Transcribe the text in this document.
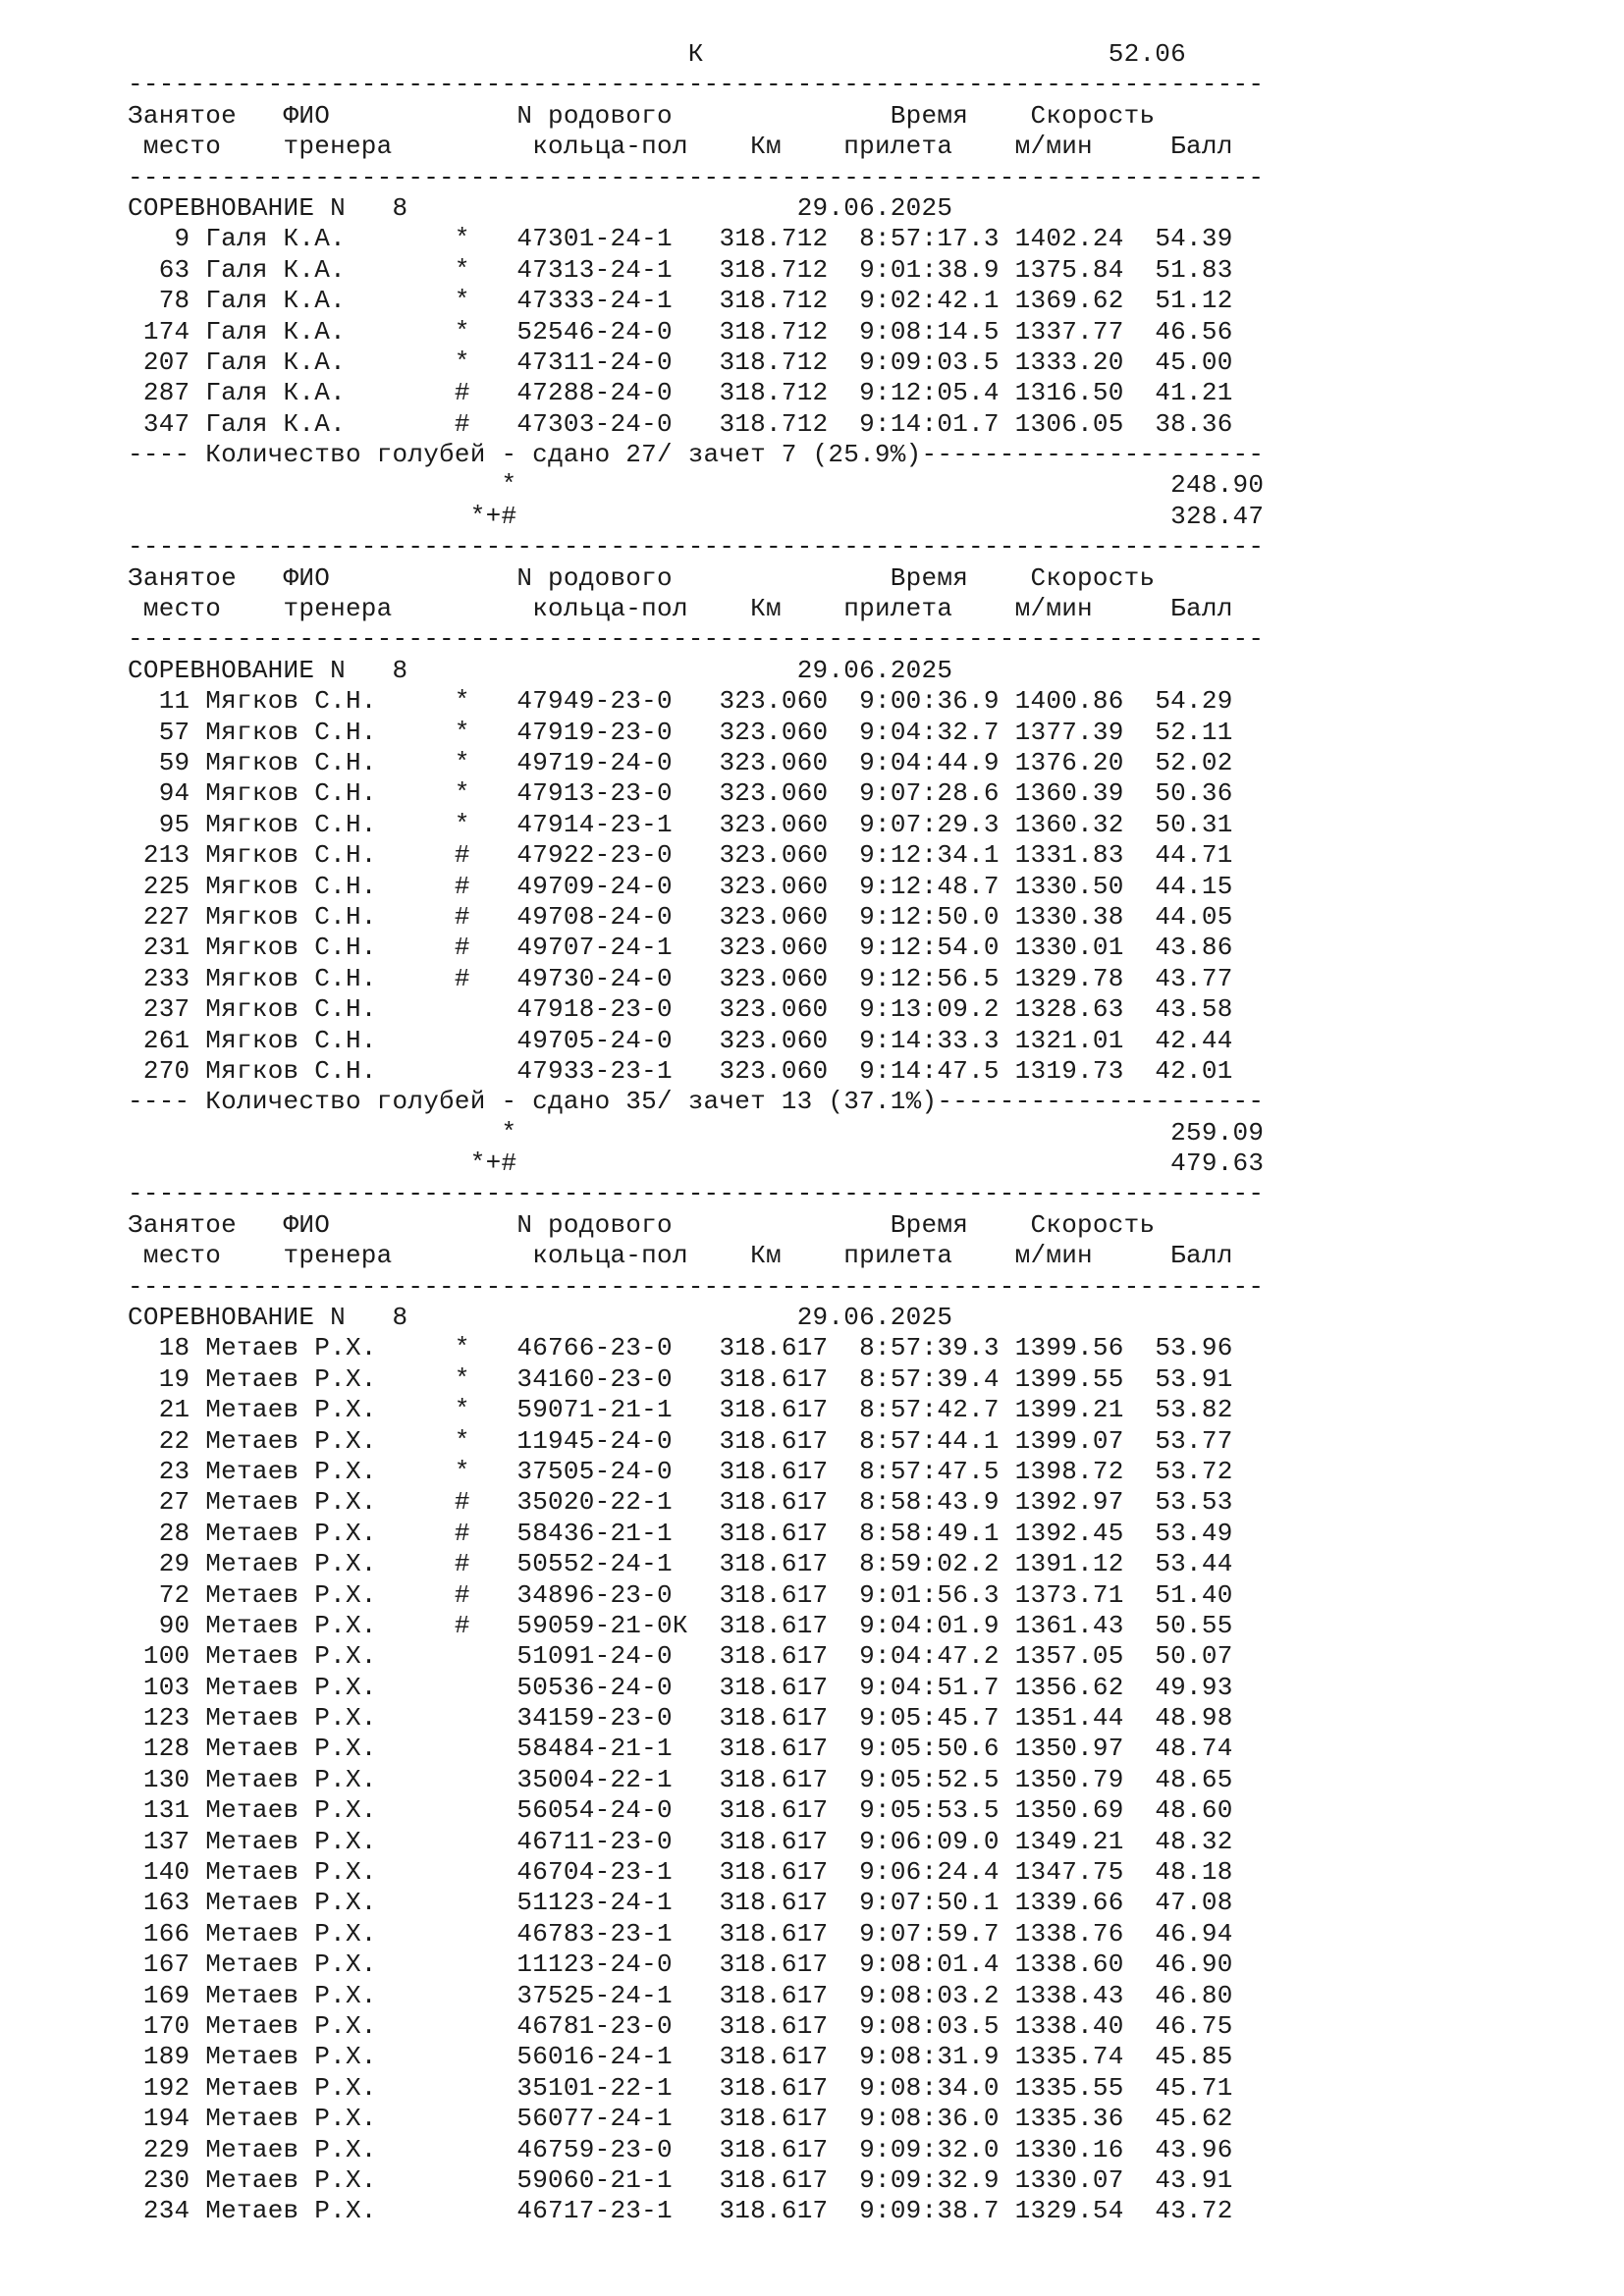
К	52.06
-------------------------------------------------------------------------
Занятое ФИО            N родового              Время    Скорость
место тренера         кольца-пол    Км    прилета    м/мин	Балл
-------------------------------------------------------------------------
СОРЕВНОВАНИЕ N 8	29.06.2025
9 Галя К.А.       *   47301-24-1   318.712  8:57:17.3 1402.24  54.39
63 Галя К.А.       *   47313-24-1   318.712  9:01:38.9 1375.84  51.83
78 Галя К.А.       *   47333-24-1   318.712  9:02:42.1 1369.62  51.12
174 Галя К.А.       *   52546-24-0   318.712  9:08:14.5 1337.77  46.56
207 Галя К.А.       *   47311-24-0   318.712  9:09:03.5 1333.20  45.00
287 Галя К.А.       #   47288-24-0   318.712  9:12:05.4 1316.50  41.21
347 Галя К.А.       #   47303-24-0   318.712  9:14:01.7 1306.05  38.36
---- Количество голубей - сдано 27/ зачет 7 (25.9%)----------------------
*	248.90
*+#	328.47
-------------------------------------------------------------------------
Занятое ФИО            N родового              Время    Скорость
место тренера         кольца-пол    Км    прилета    м/мин	Балл
-------------------------------------------------------------------------
СОРЕВНОВАНИЕ N 8	29.06.2025
11 Мягков С.Н.     *   47949-23-0   323.060  9:00:36.9 1400.86  54.29
57 Мягков С.Н.     *   47919-23-0   323.060  9:04:32.7 1377.39  52.11
59 Мягков С.Н.     *   49719-24-0   323.060  9:04:44.9 1376.20  52.02
94 Мягков С.Н.     *   47913-23-0   323.060  9:07:28.6 1360.39  50.36
95 Мягков С.Н.     *   47914-23-1   323.060  9:07:29.3 1360.32  50.31
213 Мягков С.Н.     #   47922-23-0   323.060  9:12:34.1 1331.83  44.71
225 Мягков С.Н.     #   49709-24-0   323.060  9:12:48.7 1330.50  44.15
227 Мягков С.Н.     #   49708-24-0   323.060  9:12:50.0 1330.38  44.05
231 Мягков С.Н.     #   49707-24-1   323.060  9:12:54.0 1330.01  43.86
233 Мягков С.Н.     #   49730-24-0   323.060  9:12:56.5 1329.78  43.77
237 Мягков С.Н.         47918-23-0   323.060  9:13:09.2 1328.63  43.58
261 Мягков С.Н.         49705-24-0   323.060  9:14:33.3 1321.01  42.44
270 Мягков С.Н.         47933-23-1   323.060  9:14:47.5 1319.73  42.01
---- Количество голубей - сдано 35/ зачет 13 (37.1%)---------------------
*	259.09
*+#	479.63
-------------------------------------------------------------------------
Занятое ФИО            N родового              Время    Скорость
место тренера         кольца-пол    Км    прилета    м/мин	Балл
-------------------------------------------------------------------------
СОРЕВНОВАНИЕ N 8	29.06.2025
18 Метаев Р.Х.     *   46766-23-0   318.617  8:57:39.3 1399.56  53.96
19 Метаев Р.Х.     *   34160-23-0   318.617  8:57:39.4 1399.55  53.91
21 Метаев Р.Х.     *   59071-21-1   318.617  8:57:42.7 1399.21  53.82
22 Метаев Р.Х.     *   11945-24-0   318.617  8:57:44.1 1399.07  53.77
23 Метаев Р.Х.     *   37505-24-0   318.617  8:57:47.5 1398.72  53.72
27 Метаев Р.Х.     #   35020-22-1   318.617  8:58:43.9 1392.97  53.53
28 Метаев Р.Х.     #   58436-21-1   318.617  8:58:49.1 1392.45  53.49
29 Метаев Р.Х.     #   50552-24-1   318.617  8:59:02.2 1391.12  53.44
72 Метаев Р.Х.     #   34896-23-0   318.617  9:01:56.3 1373.71  51.40
90 Метаев Р.Х.     #   59059-21-0К  318.617  9:04:01.9 1361.43  50.55
100 Метаев Р.Х.         51091-24-0   318.617  9:04:47.2 1357.05  50.07
103 Метаев Р.Х.         50536-24-0   318.617  9:04:51.7 1356.62  49.93
123 Метаев Р.Х.         34159-23-0   318.617  9:05:45.7 1351.44  48.98
128 Метаев Р.Х.         58484-21-1   318.617  9:05:50.6 1350.97  48.74
130 Метаев Р.Х.         35004-22-1   318.617  9:05:52.5 1350.79  48.65
131 Метаев Р.Х.         56054-24-0   318.617  9:05:53.5 1350.69  48.60
137 Метаев Р.Х.         46711-23-0   318.617  9:06:09.0 1349.21  48.32
140 Метаев Р.Х.         46704-23-1   318.617  9:06:24.4 1347.75  48.18
163 Метаев Р.Х.         51123-24-1   318.617  9:07:50.1 1339.66  47.08
166 Метаев Р.Х.         46783-23-1   318.617  9:07:59.7 1338.76  46.94
167 Метаев Р.Х.         11123-24-0   318.617  9:08:01.4 1338.60  46.90
169 Метаев Р.Х.         37525-24-1   318.617  9:08:03.2 1338.43  46.80
170 Метаев Р.Х.         46781-23-0   318.617  9:08:03.5 1338.40  46.75
189 Метаев Р.Х.         56016-24-1   318.617  9:08:31.9 1335.74  45.85
192 Метаев Р.Х.         35101-22-1   318.617  9:08:34.0 1335.55  45.71
194 Метаев Р.Х.         56077-24-1   318.617  9:08:36.0 1335.36  45.62
229 Метаев Р.Х.         46759-23-0   318.617  9:09:32.0 1330.16  43.96
230 Метаев Р.Х.         59060-21-1   318.617  9:09:32.9 1330.07  43.91
234 Метаев Р.Х.         46717-23-1   318.617  9:09:38.7 1329.54  43.72
